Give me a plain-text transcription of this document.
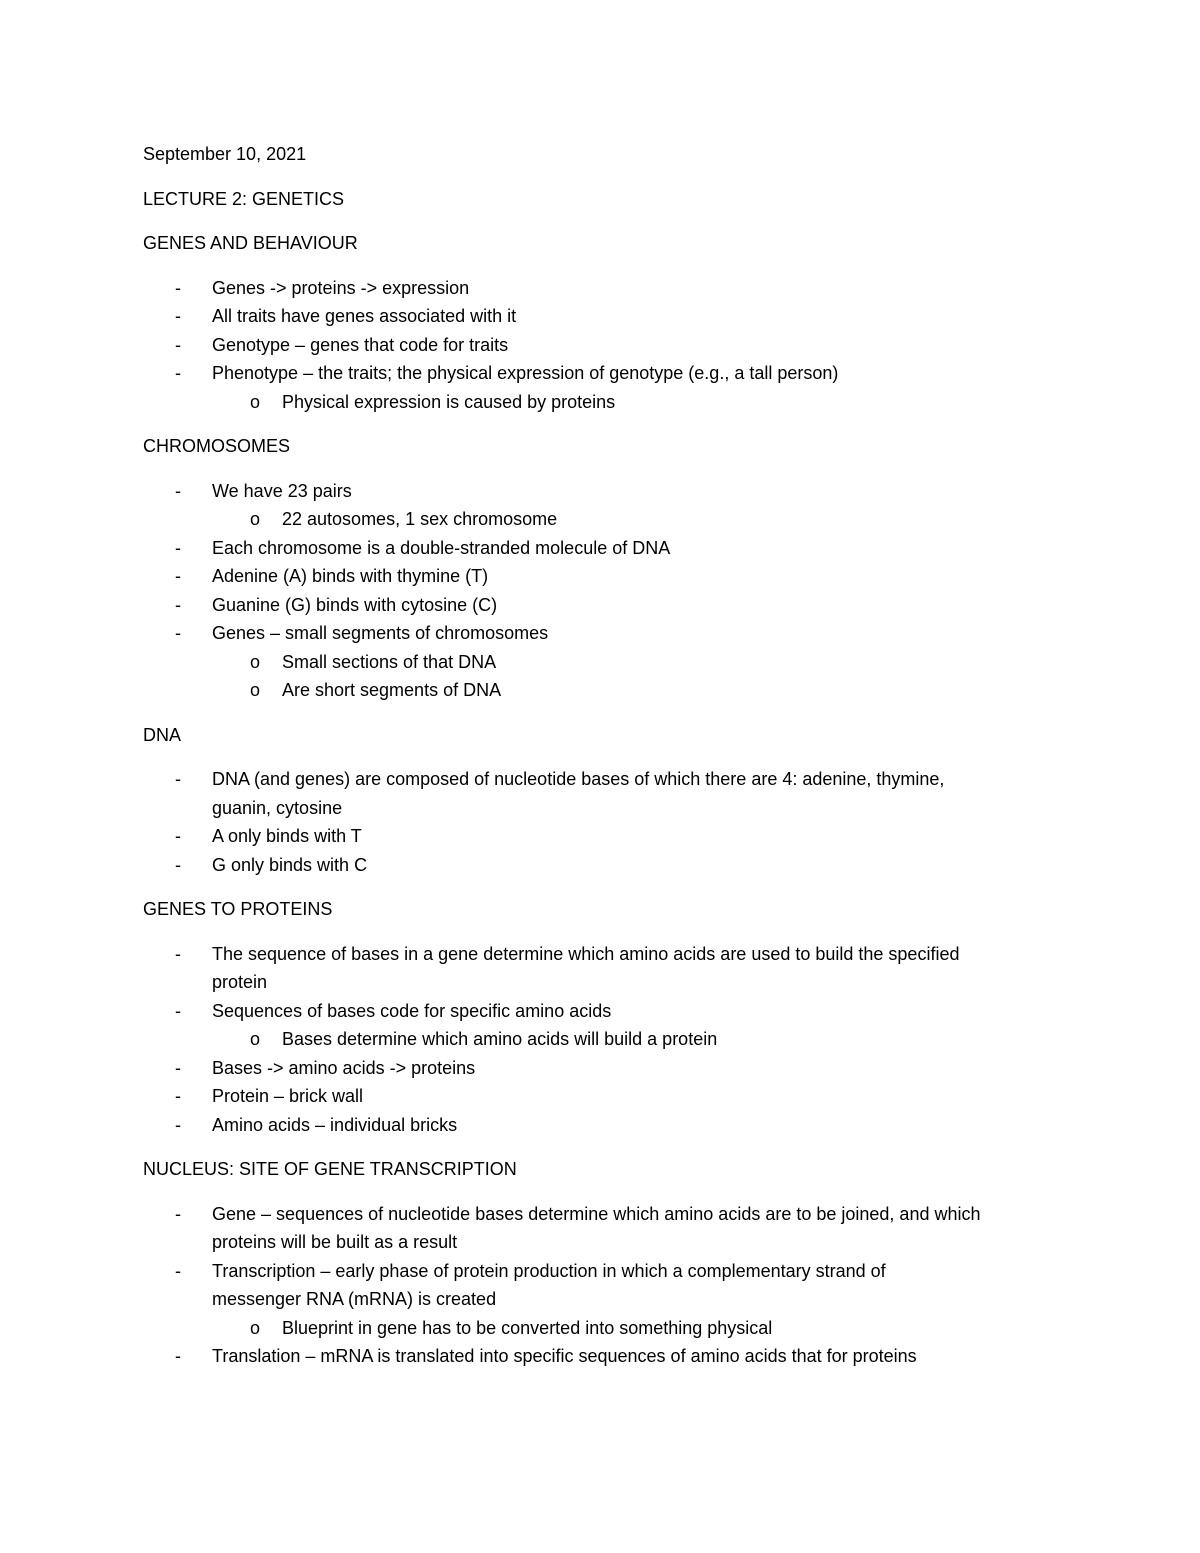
September 10, 2021

LECTURE 2: GENETICS

GENES AND BEHAVIOUR

- Genes -> proteins -> expression
- All traits have genes associated with it
- Genotype – genes that code for traits
- Phenotype – the traits; the physical expression of genotype (e.g., a tall person)
o Physical expression is caused by proteins

CHROMOSOMES

- We have 23 pairs
o 22 autosomes, 1 sex chromosome
- Each chromosome is a double-stranded molecule of DNA
- Adenine (A) binds with thymine (T)
- Guanine (G) binds with cytosine (C)
- Genes – small segments of chromosomes
o Small sections of that DNA
o Are short segments of DNA

DNA

- DNA (and genes) are composed of nucleotide bases of which there are 4: adenine, thymine,
guanin, cytosine
- A only binds with T
- G only binds with C

GENES TO PROTEINS

- The sequence of bases in a gene determine which amino acids are used to build the specified
protein
- Sequences of bases code for specific amino acids
o Bases determine which amino acids will build a protein
- Bases -> amino acids -> proteins
- Protein – brick wall
- Amino acids – individual bricks

NUCLEUS: SITE OF GENE TRANSCRIPTION

- Gene – sequences of nucleotide bases determine which amino acids are to be joined, and which
proteins will be built as a result
- Transcription – early phase of protein production in which a complementary strand of
messenger RNA (mRNA) is created
o Blueprint in gene has to be converted into something physical
- Translation – mRNA is translated into specific sequences of amino acids that for proteins
